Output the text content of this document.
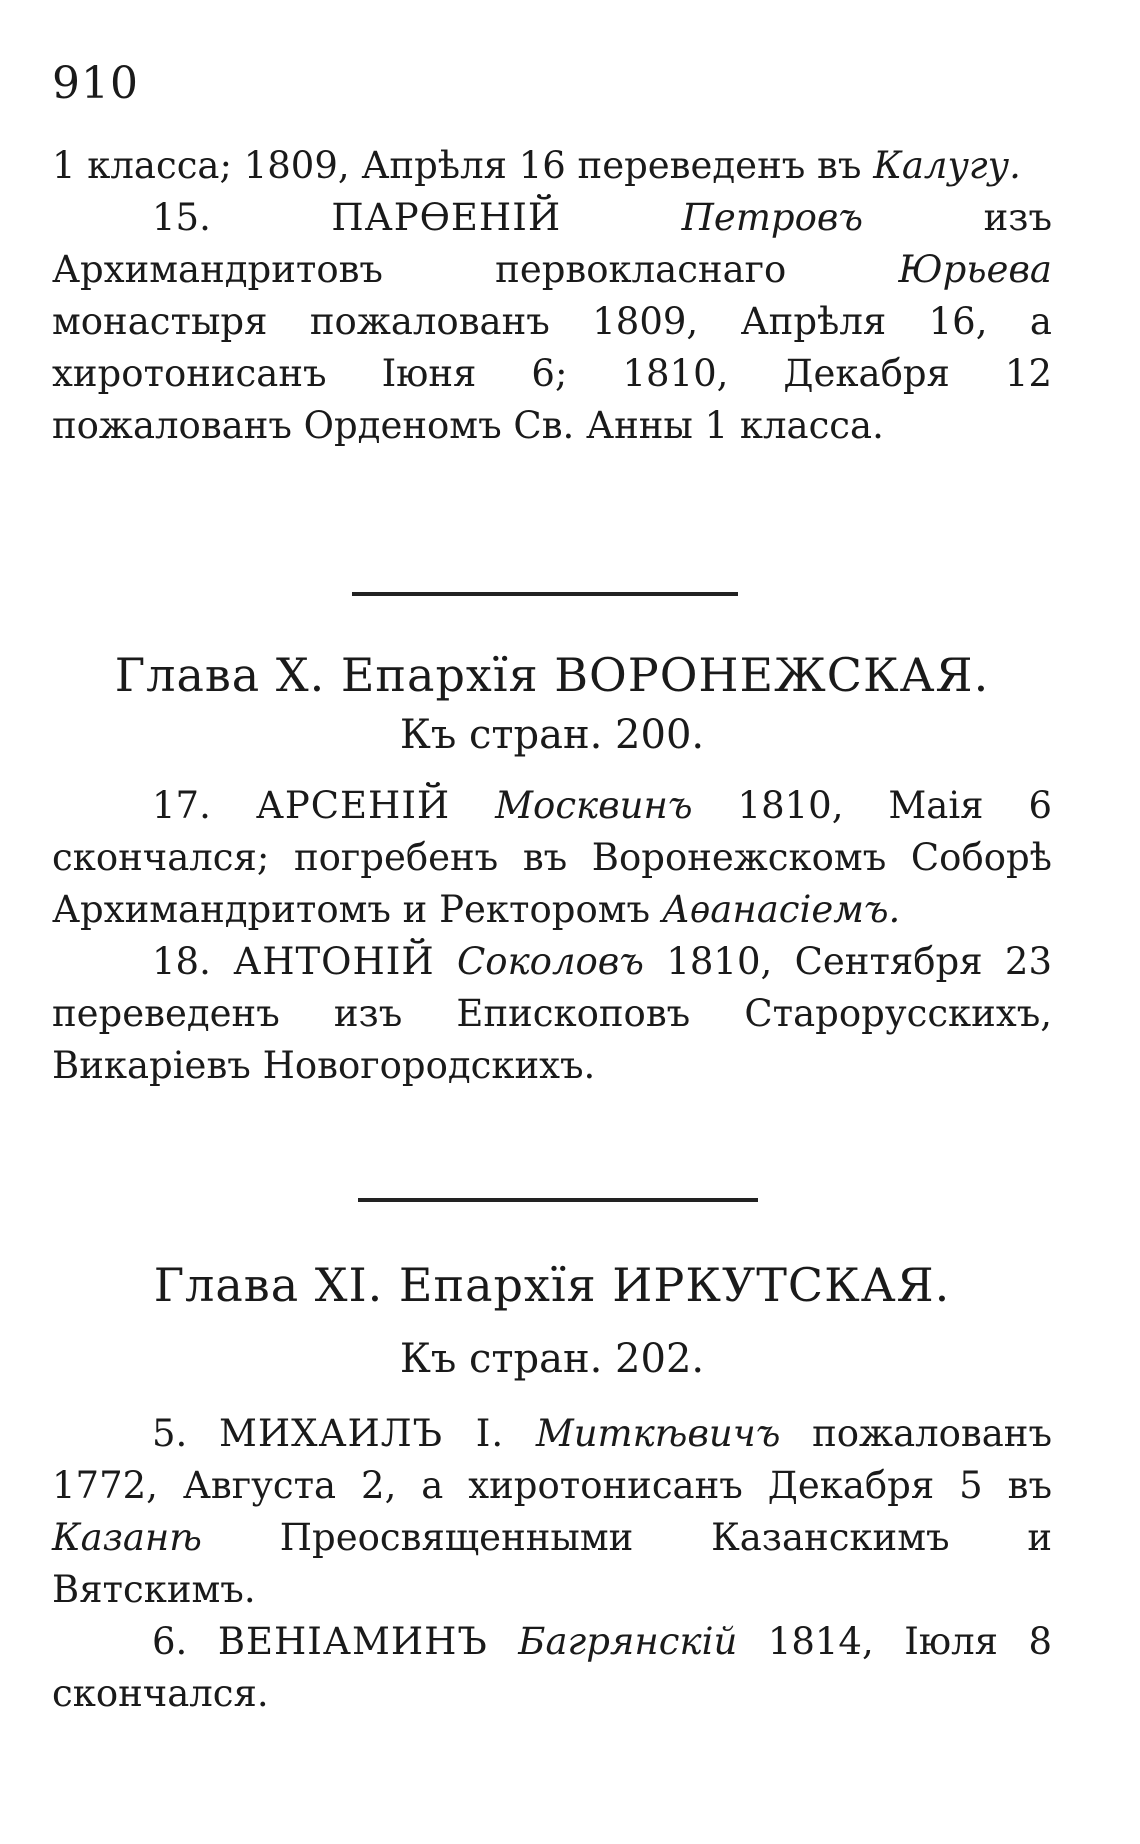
910

1 класса; 1809, Апрѣля 16 переведенъ въ Калугу.

15.	ПАРѲЕНІЙ	Петровъ	изъ Архимандритовъ первокласнаго	Юрьева монастыря пожалованъ 1809, Апрѣля 16, а хиротонисанъ Іюня 6; 1810, Декабря 12 пожалованъ Орденомъ Св. Анны 1 класса.

Глава X. Епархїя ВОРОНЕЖСКАЯ.
Къ стран. 200.

17. АРСЕНІЙ Москвинъ 1810, Маія 6 скончался; погребенъ въ Воронежскомъ Соборѣ Архимандритомъ и Ректоромъ Аѳанасіемъ.

18. АНТОНІЙ Соколовъ 1810, Сентября 23 переведенъ изъ Епископовъ Старорусскихъ, Викаріевъ Новогородскихъ.

Глава XI. Епархїя ИРКУТСКАЯ.
Къ стран. 202.

5. МИХАИЛЪ I. Миткѣвичъ пожалованъ 1772, Августа 2, а хиротонисанъ Декабря 5 въ Казанѣ Преосвященными Казанскимъ и Вятскимъ.

6. ВЕНІАМИНЪ Багрянскій 1814, Іюля 8 скончался.
